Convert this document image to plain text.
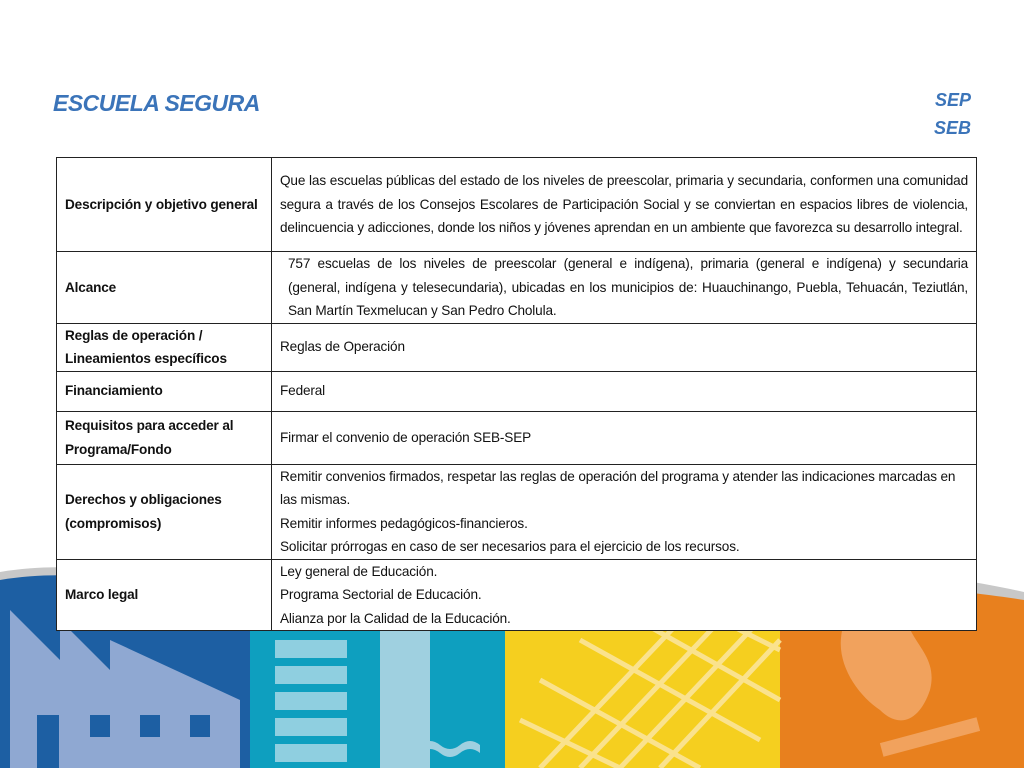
ESCUELA SEGURA	SEP
SEB
Descripción y objetivo general	Que las escuelas públicas del estado de los niveles de preescolar, primaria y secundaria, conformen una comunidad segura a través de los Consejos Escolares de Participación Social y se conviertan en espacios libres de violencia, delincuencia y adicciones, donde los niños y jóvenes aprendan en un ambiente que favorezca su desarrollo integral.
Alcance	757 escuelas de los niveles de preescolar (general e indígena), primaria (general e indígena) y secundaria (general, indígena y telesecundaria), ubicadas en los municipios de: Huauchinango, Puebla, Tehuacán, Teziutlán, San Martín Texmelucan y San Pedro Cholula.
Reglas de operación / Lineamientos específicos	Reglas de Operación
Financiamiento	Federal
Requisitos para acceder al Programa/Fondo	Firmar el convenio de operación SEB-SEP
Derechos y obligaciones (compromisos)	Remitir convenios firmados, respetar las reglas de operación del programa y atender las indicaciones marcadas en las mismas.
Remitir informes pedagógicos-financieros.
Solicitar prórrogas en caso de ser necesarios para el ejercicio de los recursos.

Marco legal	Ley general de Educación.
Programa Sectorial de Educación.
Alianza por la Calidad de la Educación.
